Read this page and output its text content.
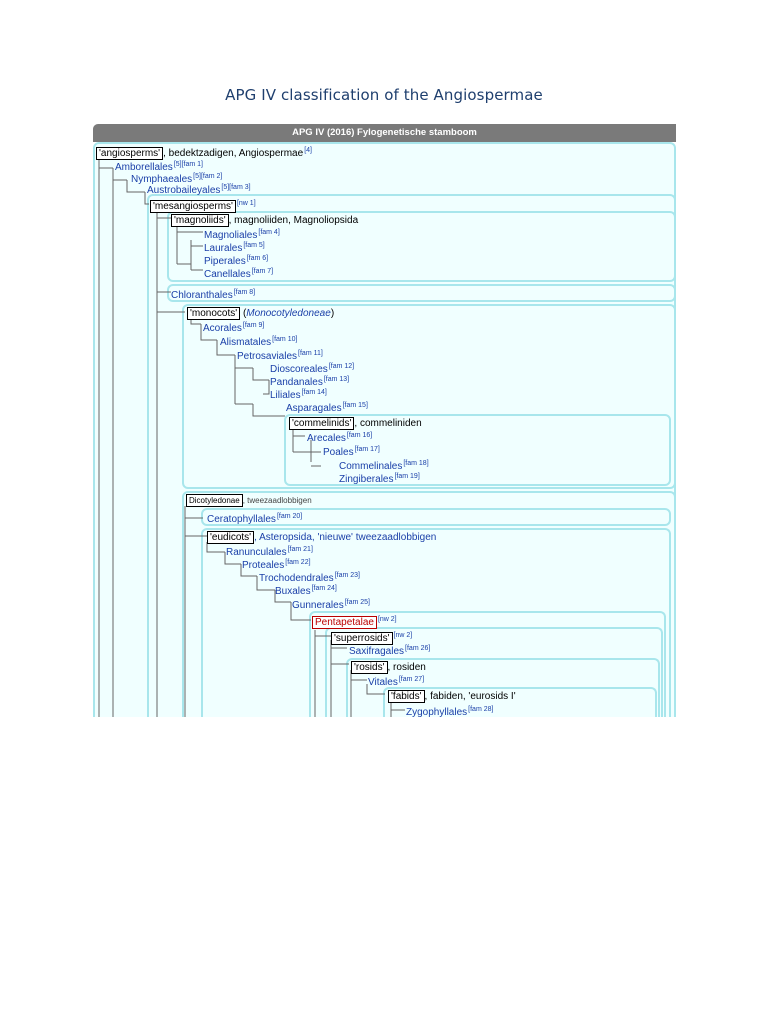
APG IV classification of the Angiospermae
APG IV (2016) Fylogenetische stamboom
'angiosperms' , bedektzadigen, Angiospermae[4]
Amborellales[5][fam 1]
Nymphaeales[5][fam 2]
Austrobaileyales[5][fam 3]
'mesangiosperms' [nw 1]
'magnoliids' , magnoliiden, Magnoliopsida
Magnoliales[fam 4]
Laurales[fam 5]
Piperales[fam 6]
Canellales[fam 7]
Chloranthales[fam 8]
'monocots' (Monocotyledoneae)
Acorales[fam 9]
Alismatales[fam 10]
Petrosaviales[fam 11]
Dioscoreales[fam 12]
Pandanales[fam 13]
Liliales[fam 14]
Asparagales[fam 15]
'commelinids' , commeliniden
Arecales[fam 16]
Poales[fam 17]
Commelinales[fam 18]
Zingiberales[fam 19]
Dicotyledonae , tweezaadlobbigen
Ceratophyllales[fam 20]
'eudicots' , Asteropsida, 'nieuwe' tweezaadlobbigen
Ranunculales[fam 21]
Proteales[fam 22]
Trochodendrales[fam 23]
Buxales[fam 24]
Gunnerales[fam 25]
Pentapetalae [nw 2]
'superrosids' [nw 2]
Saxifragales[fam 26]
'rosids' , rosiden
Vitales[fam 27]
'fabids' , fabiden, 'eurosids I'
Zygophyllales[fam 28]
